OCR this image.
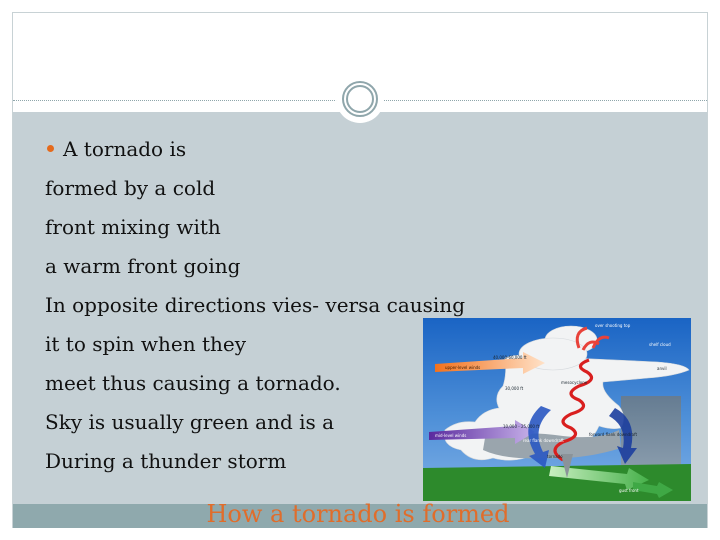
A tornado is
formed by a cold
front mixing with
a warm front going
In opposite directions vies- versa causing
it to spin when they
meet thus causing a tornado.
Sky is usually green and is a
During a thunder storm
over shooting top
40,000-60,000 ft
upper-level winds
30,000 ft
mesocyclone
10,000 - 25,000 ft
mid-level winds
rear flank downdraft
forward flank downdraft
tornado
gust front
shelf cloud
anvil
How a tornado is formed
